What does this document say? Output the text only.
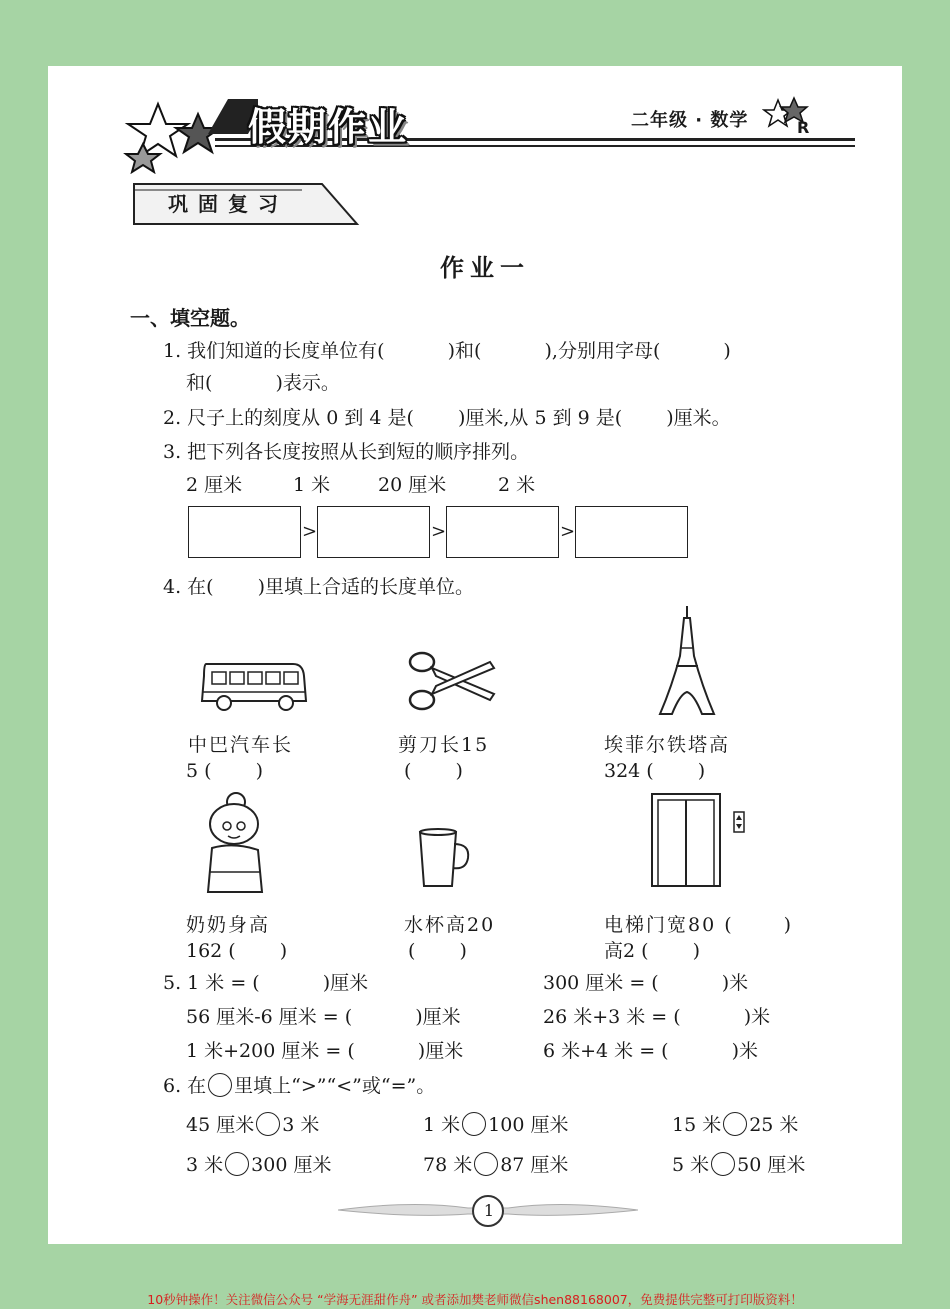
假期作业	二年级 · 数学	R
巩固复习
作业一
一、填空题。
1. 我们知道的长度单位有(　　　 )和(　　　 ),分别用字母(　　　 )
和(　　　 )表示。
2. 尺子上的刻度从 0 到 4 是(　　 )厘米,从 5 到 9 是(　　 )厘米。
3. 把下列各长度按照从长到短的顺序排列。
2 厘米	1 米	20 厘米	2 米
>	>	>
4. 在(　　 )里填上合适的长度单位。
中巴汽车长
5 (　　 )
剪刀长15
(　　 )
埃菲尔铁塔高
324 (　　 )
奶奶身高
162 (　　 )
水杯高20
(　　 )
电梯门宽80 (　　 )
高2 (　　 )
5. 1 米 = (　　　 )厘米	300 厘米 = (　　　 )米
56 厘米-6 厘米 = (　　　 )厘米	26 米+3 米 = (　　　 )米
1 米+200 厘米 = (　　　 )厘米	6 米+4 米 = (　　　 )米
6. 在 里填上“>”“<”或“=”。
45 厘米 3 米	1 米 100 厘米	15 米 25 米
3 米 300 厘米	78 米 87 厘米	5 米 50 厘米
1
10秒钟操作！关注微信公众号 “学海无涯甜作舟” 或者添加樊老师微信shen88168007，免费提供完整可打印版资料！
